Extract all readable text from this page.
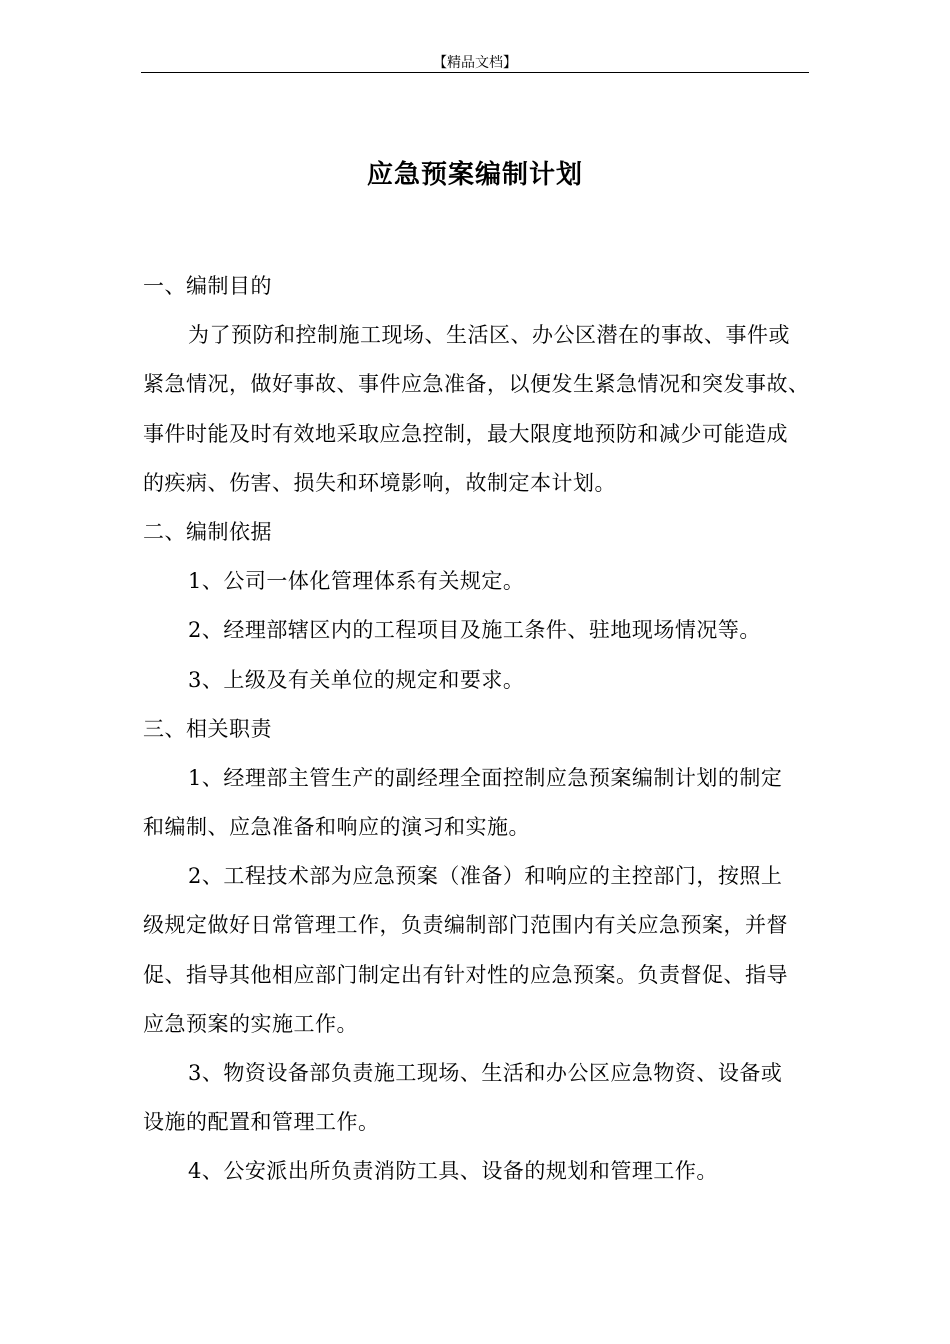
【精品文档】
应急预案编制计划
一、编制目的
为了预防和控制施工现场、生活区、办公区潜在的事故、事件或
紧急情况，做好事故、事件应急准备，以便发生紧急情况和突发事故、
事件时能及时有效地采取应急控制，最大限度地预防和减少可能造成
的疾病、伤害、损失和环境影响，故制定本计划。
二、编制依据
1、公司一体化管理体系有关规定。
2、经理部辖区内的工程项目及施工条件、驻地现场情况等。
3、上级及有关单位的规定和要求。
三、相关职责
1、经理部主管生产的副经理全面控制应急预案编制计划的制定
和编制、应急准备和响应的演习和实施。
2、工程技术部为应急预案（准备）和响应的主控部门，按照上
级规定做好日常管理工作，负责编制部门范围内有关应急预案，并督
促、指导其他相应部门制定出有针对性的应急预案。负责督促、指导
应急预案的实施工作。
3、物资设备部负责施工现场、生活和办公区应急物资、设备或
设施的配置和管理工作。
4、公安派出所负责消防工具、设备的规划和管理工作。
